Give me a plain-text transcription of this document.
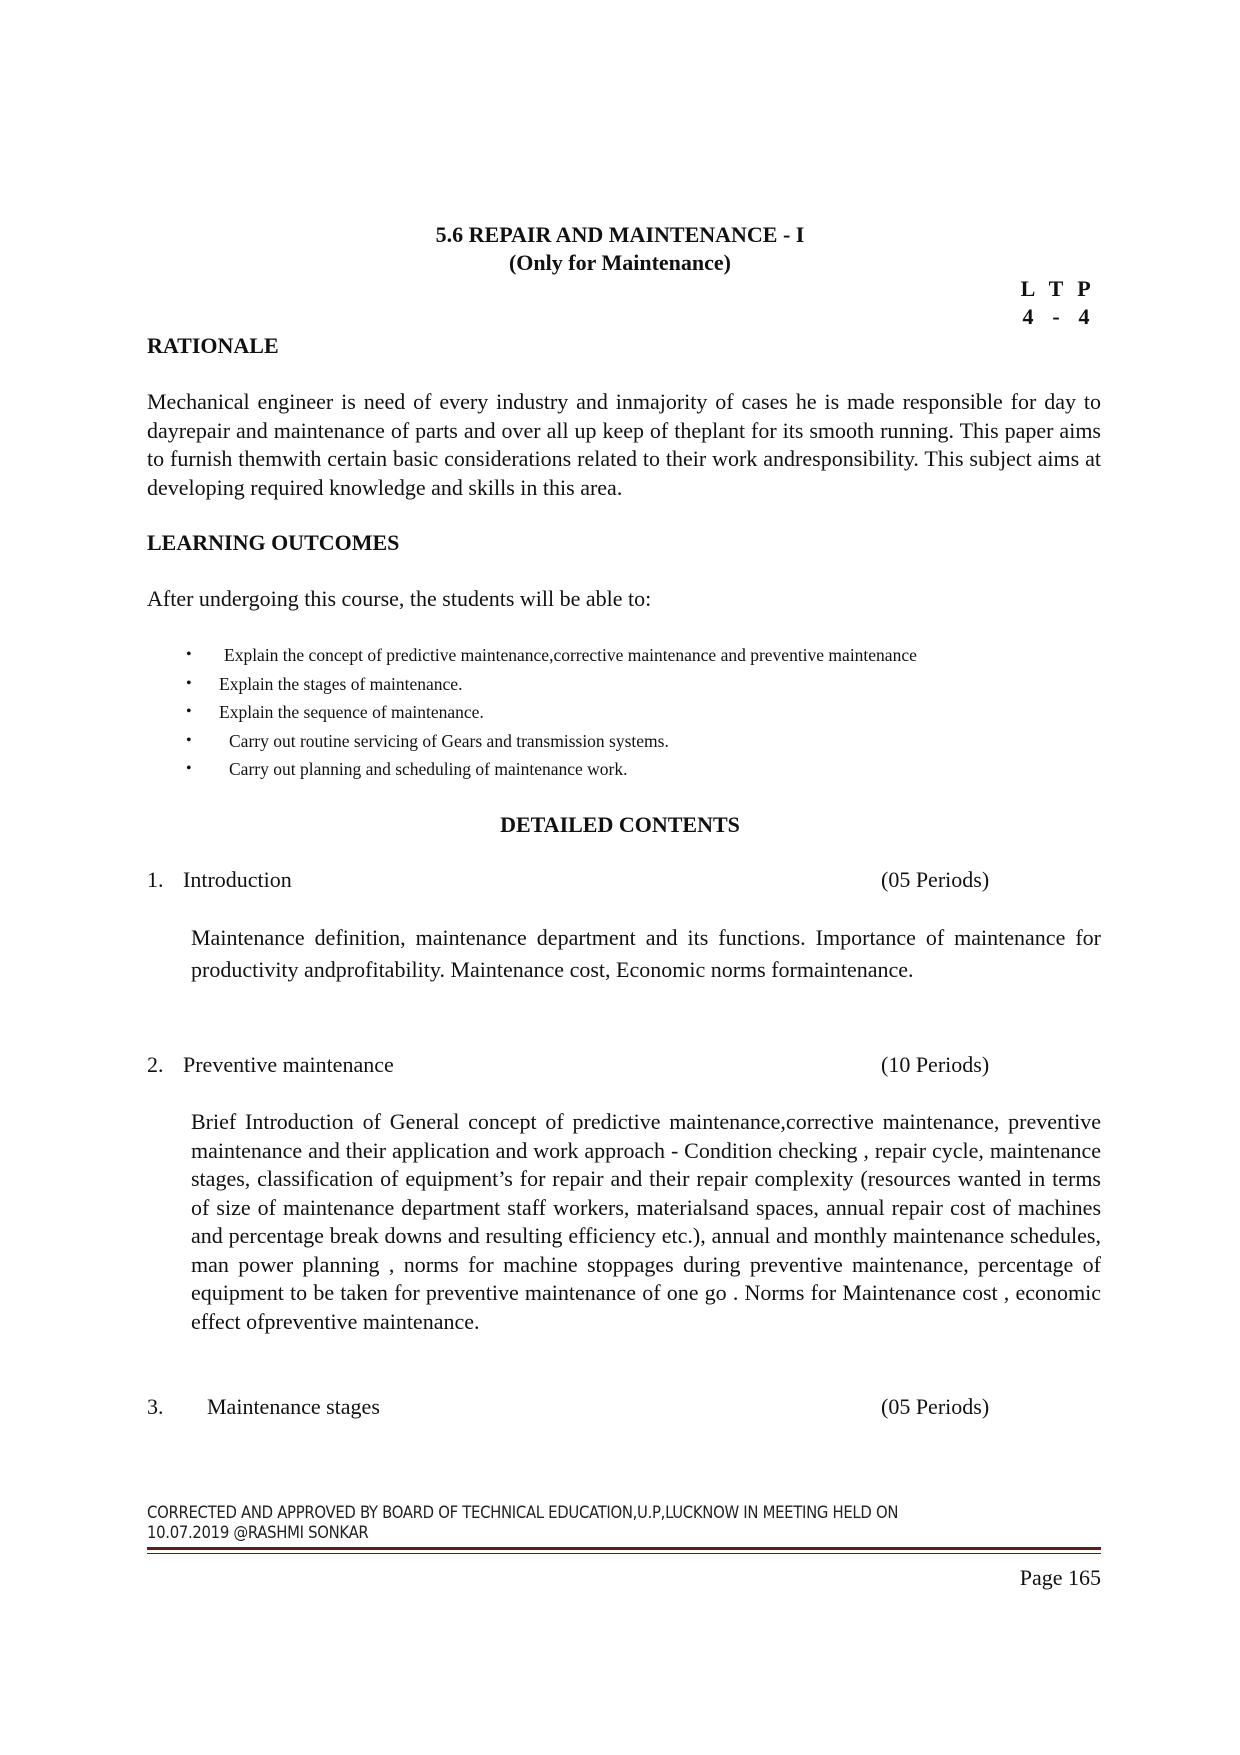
5.6 REPAIR AND MAINTENANCE - I
(Only for Maintenance)
L T P
4 - 4
RATIONALE
Mechanical engineer is need of every industry and inmajority of cases he is made responsible for day to dayrepair and maintenance of parts and over all up keep of theplant for its smooth running. This paper aims to furnish themwith certain basic considerations related to their work andresponsibility. This subject aims at developing required knowledge and skills in this area.
LEARNING OUTCOMES
After undergoing this course, the students will be able to:
• Explain the concept of predictive maintenance,corrective maintenance and preventive maintenance
• Explain the stages of maintenance.
• Explain the sequence of maintenance.
• Carry out routine servicing of Gears and transmission systems.
• Carry out planning and scheduling of maintenance work.
DETAILED CONTENTS
1. Introduction	(05 Periods)
Maintenance definition, maintenance department and its functions. Importance of maintenance for productivity andprofitability. Maintenance cost, Economic norms formaintenance.
2. Preventive maintenance	(10 Periods)
Brief Introduction of General concept of predictive maintenance,corrective maintenance, preventive maintenance and their application and work approach - Condition checking , repair cycle, maintenance stages, classification of equipment’s for repair and their repair complexity (resources wanted in terms of size of maintenance department staff workers, materialsand spaces, annual repair cost of machines and percentage break downs and resulting efficiency etc.), annual and monthly maintenance schedules, man power planning , norms for machine stoppages during preventive maintenance, percentage of equipment to be taken for preventive maintenance of one go . Norms for Maintenance cost , economic effect ofpreventive maintenance.
3. Maintenance stages	(05 Periods)
CORRECTED AND APPROVED BY BOARD OF TECHNICAL EDUCATION,U.P,LUCKNOW IN MEETING HELD ON
10.07.2019 @RASHMI SONKAR
Page 165
